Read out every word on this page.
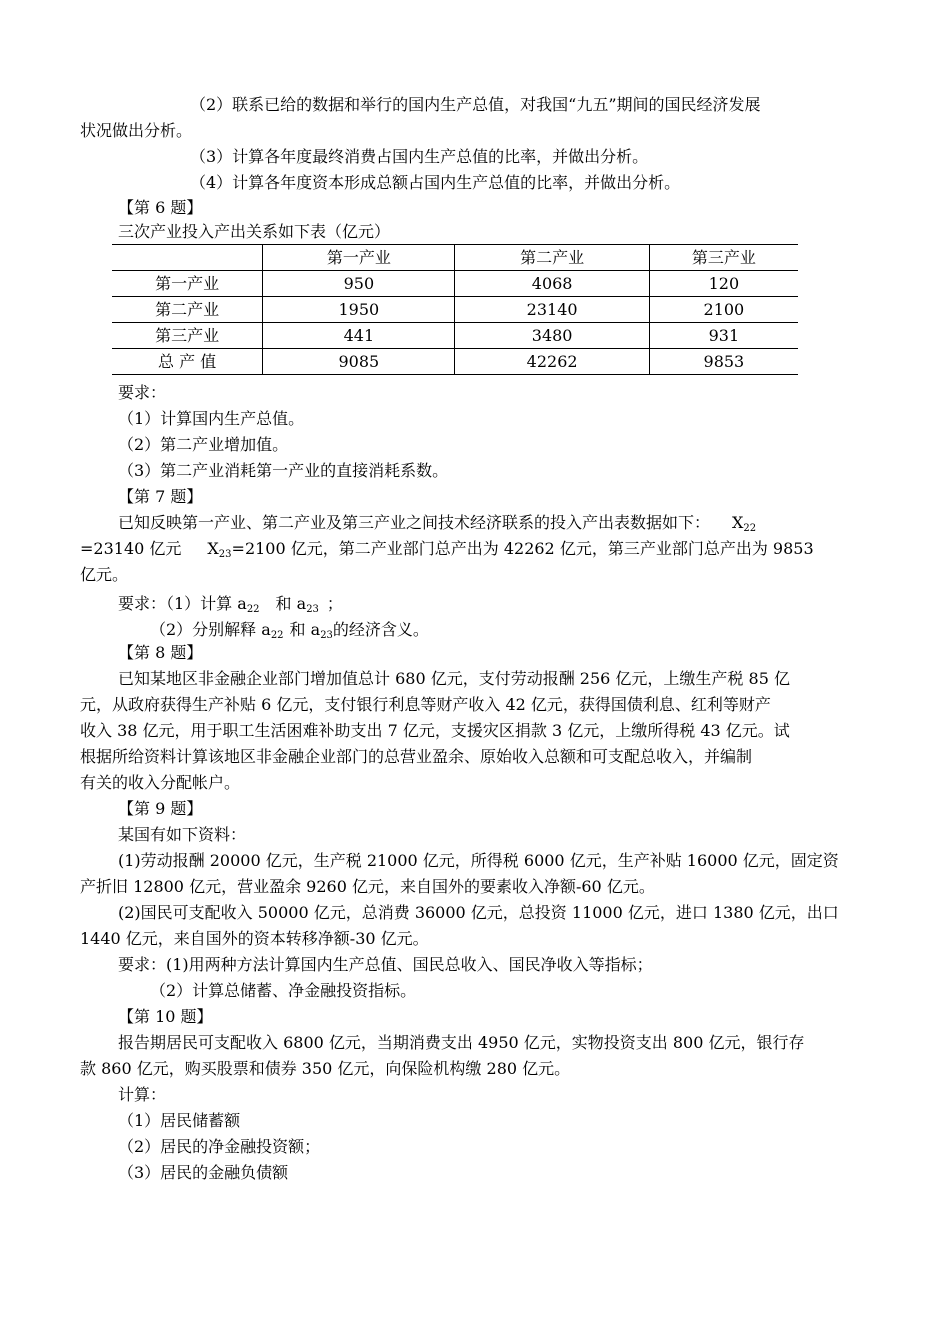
（2）联系已给的数据和举行的国内生产总值，对我国“九五”期间的国民经济发展
状况做出分析。
（3）计算各年度最终消费占国内生产总值的比率，并做出分析。
（4）计算各年度资本形成总额占国内生产总值的比率，并做出分析。
【第 6 题】
三次产业投入产出关系如下表（亿元）
	第一产业	第二产业	第三产业
第一产业	950	4068	120
第二产业	1950	23140	2100
第三产业	441	3480	931
总 产 值	9085	42262	9853
要求：
（1）计算国内生产总值。
（2）第二产业增加值。
（3）第二产业消耗第一产业的直接消耗系数。
【第 7 题】
已知反映第一产业、第二产业及第三产业之间技术经济联系的投入产出表数据如下： $X_{22}$
=23140 亿元 $X_{23}=2100$ 亿元，第二产业部门总产出为 42262 亿元，第三产业部门总产出为 9853
亿元。
要求：（1）计算 $a_{22}$ 和 $a_{23}$ ；
（2）分别解释 $a_{22}$ 和 $a_{23}$的经济含义。
【第 8 题】
已知某地区非金融企业部门增加值总计 680 亿元，支付劳动报酬 256 亿元，上缴生产税 85 亿
元，从政府获得生产补贴 6 亿元，支付银行利息等财产收入 42 亿元，获得国债利息、红利等财产
收入 38 亿元，用于职工生活困难补助支出 7 亿元，支援灾区捐款 3 亿元，上缴所得税 43 亿元。试
根据所给资料计算该地区非金融企业部门的总营业盈余、原始收入总额和可支配总收入，并编制
有关的收入分配帐户。
【第 9 题】
某国有如下资料：
(1)劳动报酬 20000 亿元，生产税 21000 亿元，所得税 6000 亿元，生产补贴 16000 亿元，固定资
产折旧 12800 亿元，营业盈余 9260 亿元，来自国外的要素收入净额-60 亿元。
(2)国民可支配收入 50000 亿元，总消费 36000 亿元，总投资 11000 亿元，进口 1380 亿元，出口
1440 亿元，来自国外的资本转移净额-30 亿元。
要求：(1)用两种方法计算国内生产总值、国民总收入、国民净收入等指标；
（2）计算总储蓄、净金融投资指标。
【第 10 题】
报告期居民可支配收入 6800 亿元，当期消费支出 4950 亿元，实物投资支出 800 亿元，银行存
款 860 亿元，购买股票和债券 350 亿元，向保险机构缴 280 亿元。
计算：
（1）居民储蓄额
（2）居民的净金融投资额；
（3）居民的金融负债额
